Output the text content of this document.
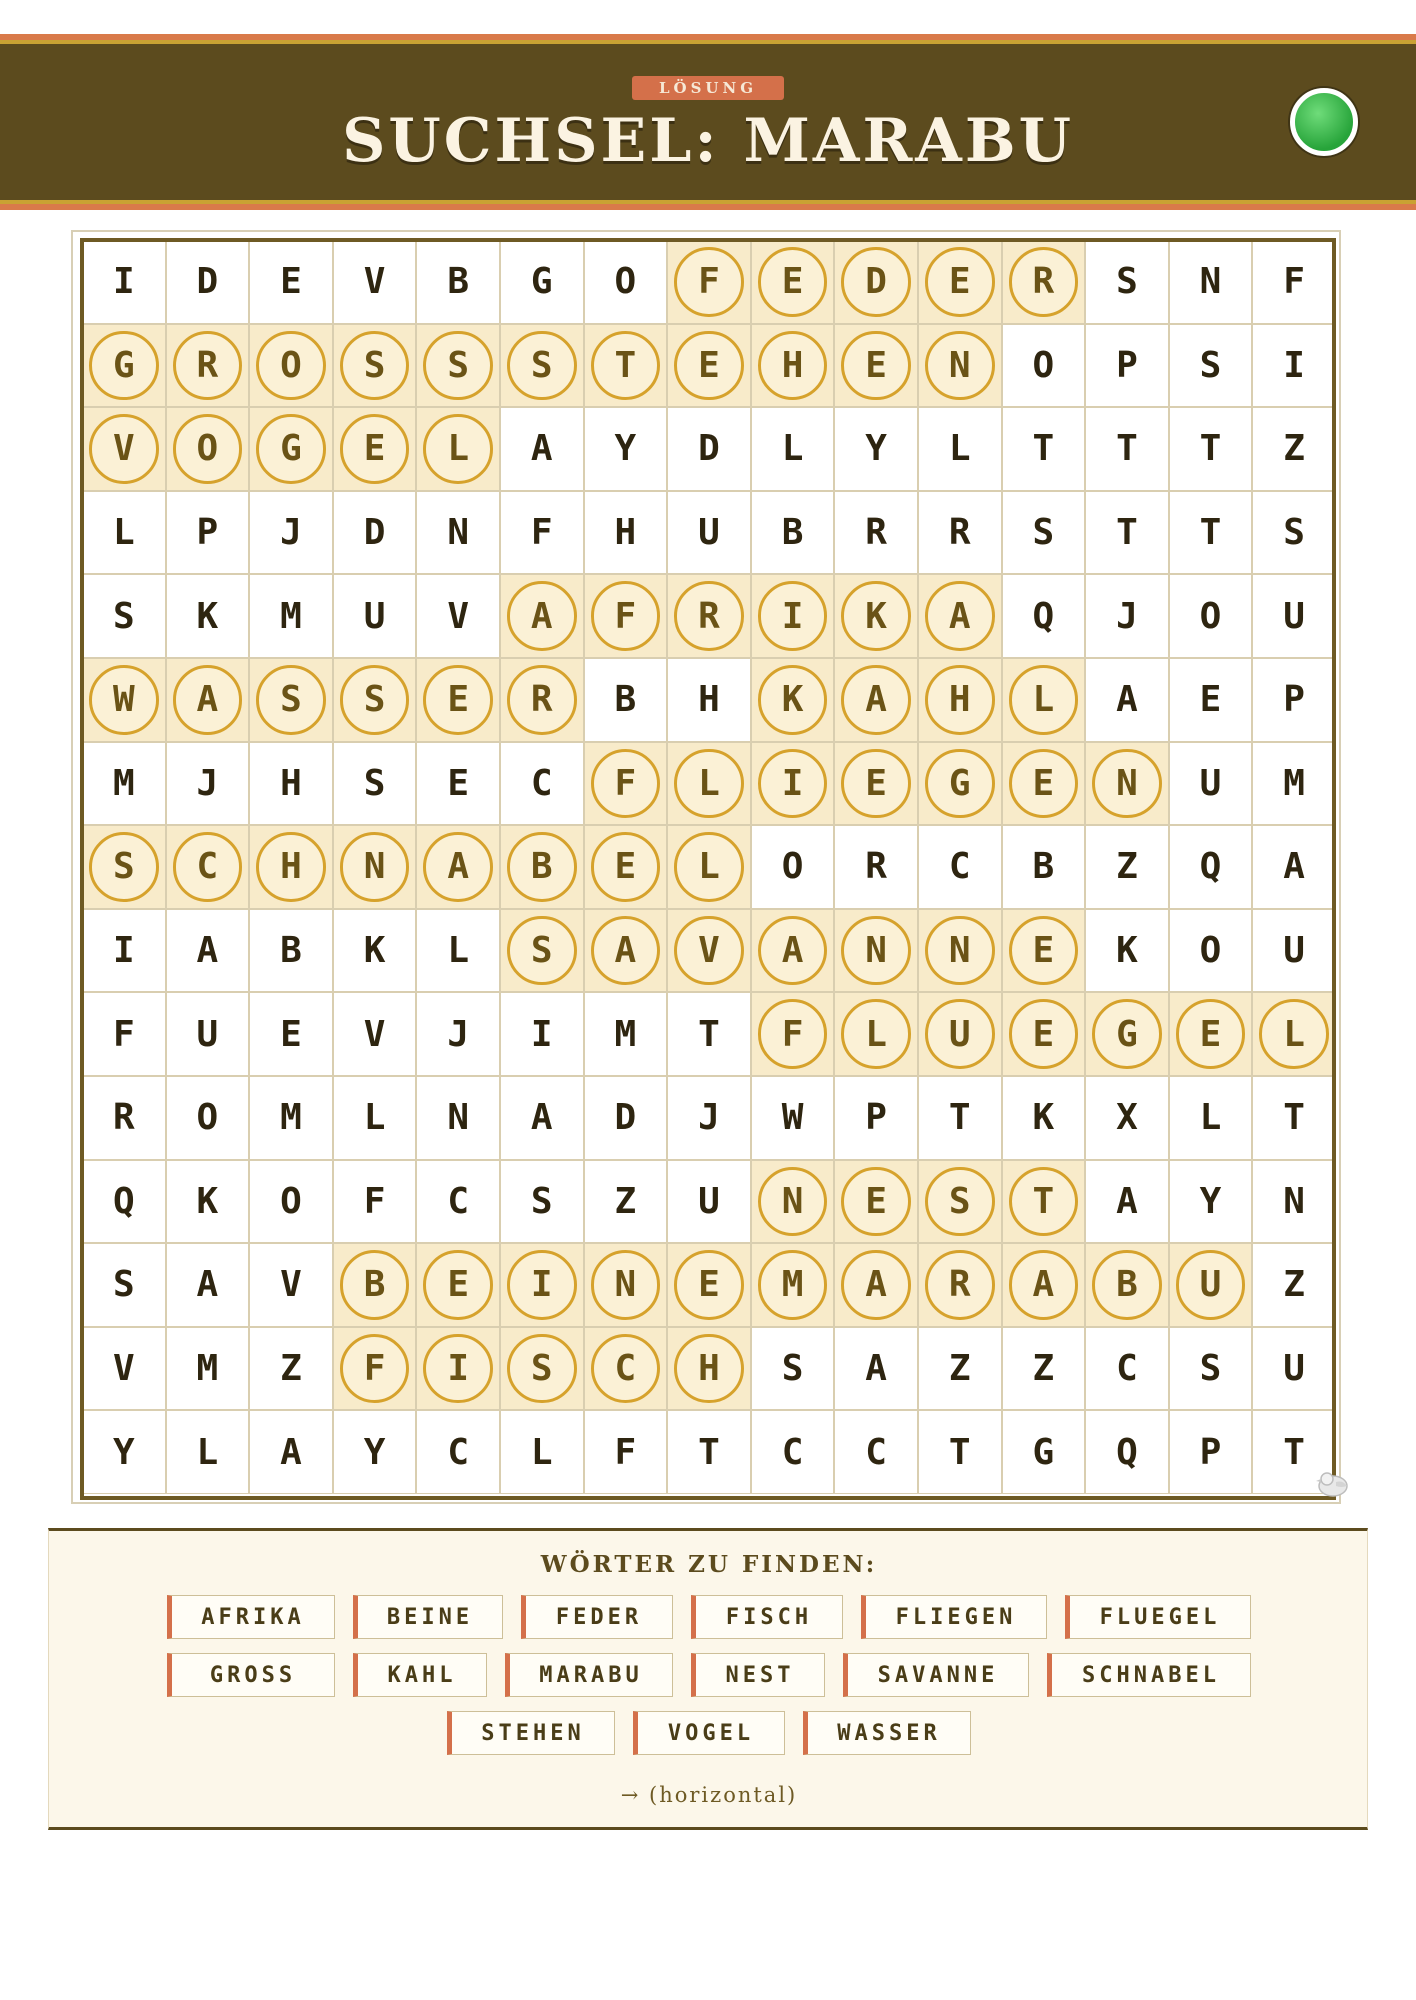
LÖSUNG
SUCHSEL: MARABU
I D E V B G O F E D E R S N F
G R O S S S T E H E N O P S I
V O G E L A Y D L Y L T T T Z
L P J D N F H U B R R S T T S
S K M U V A F R I K A Q J O U
W A S S E R B H K A H L A E P
M J H S E C F L I E G E N U M
S C H N A B E L O R C B Z Q A
I A B K L S A V A N N E K O U
F U E V J I M T F L U E G E L
R O M L N A D J W P T K X L T
Q K O F C S Z U N E S T A Y N
S A V B E I N E M A R A B U Z
V M Z F I S C H S A Z Z C S U
Y L A Y C L F T C C T G Q P T
WÖRTER ZU FINDEN:
AFRIKA	BEINE	FEDER	FISCH	FLIEGEN	FLUEGEL
GROSS	KAHL	MARABU	NEST	SAVANNE	SCHNABEL
STEHEN	VOGEL	WASSER
→ (horizontal)
